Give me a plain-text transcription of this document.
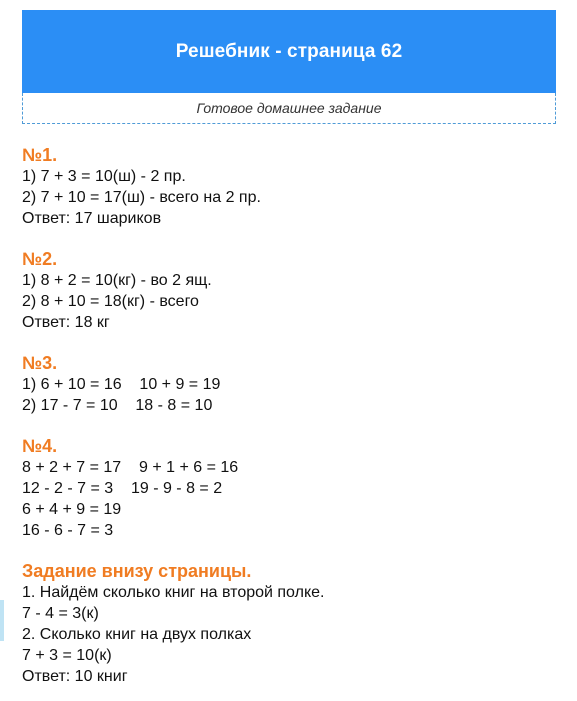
Решебник - страница 62
Готовое домашнее задание
№1.
1) 7 + 3 = 10(ш) - 2 пр.
2) 7 + 10 = 17(ш) - всего на 2 пр.
Ответ: 17 шариков
№2.
1) 8 + 2 = 10(кг) - во 2 ящ.
2) 8 + 10 = 18(кг) - всего
Ответ: 18 кг
№3.
1) 6 + 10 = 16    10 + 9 = 19
2) 17 - 7 = 10    18 - 8 = 10
№4.
8 + 2 + 7 = 17    9 + 1 + 6 = 16
12 - 2 - 7 = 3    19 - 9 - 8 = 2
6 + 4 + 9 = 19
16 - 6 - 7 = 3
Задание внизу страницы.
1. Найдём сколько книг на второй полке.
7 - 4 = 3(к)
2. Сколько книг на двух полках
7 + 3 = 10(к)
Ответ: 10 книг
